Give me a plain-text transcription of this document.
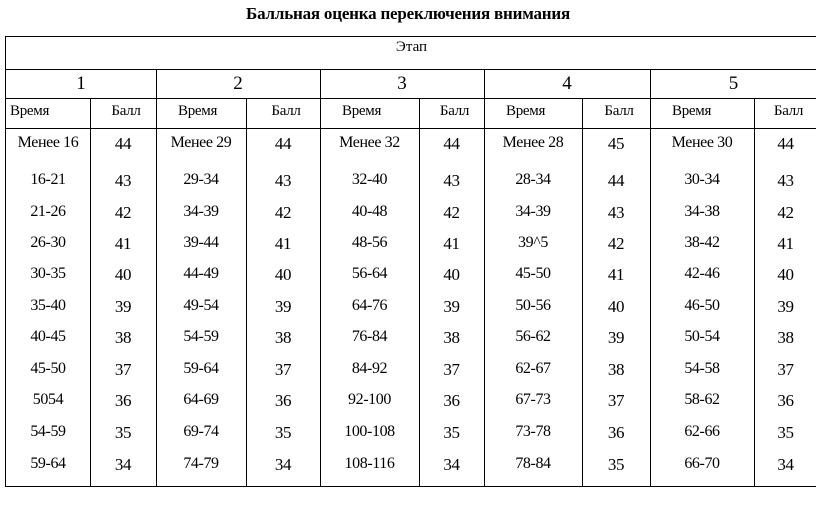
Балльная оценка переключения внимания
Этап
1	2	3	4	5
Время	Балл	Время	Балл	Время	Балл	Время	Балл	Время	Балл
Менее 16	44	Менее 29	44	Менее 32	44	Менее 28	45	Менее 30	44
16-21	43	29-34	43	32-40	43	28-34	44	30-34	43
21-26	42	34-39	42	40-48	42	34-39	43	34-38	42
26-30	41	39-44	41	48-56	41	39^5	42	38-42	41
30-35	40	44-49	40	56-64	40	45-50	41	42-46	40
35-40	39	49-54	39	64-76	39	50-56	40	46-50	39
40-45	38	54-59	38	76-84	38	56-62	39	50-54	38
45-50	37	59-64	37	84-92	37	62-67	38	54-58	37
5054	36	64-69	36	92-100	36	67-73	37	58-62	36
54-59	35	69-74	35	100-108	35	73-78	36	62-66	35
59-64	34	74-79	34	108-116	34	78-84	35	66-70	34
